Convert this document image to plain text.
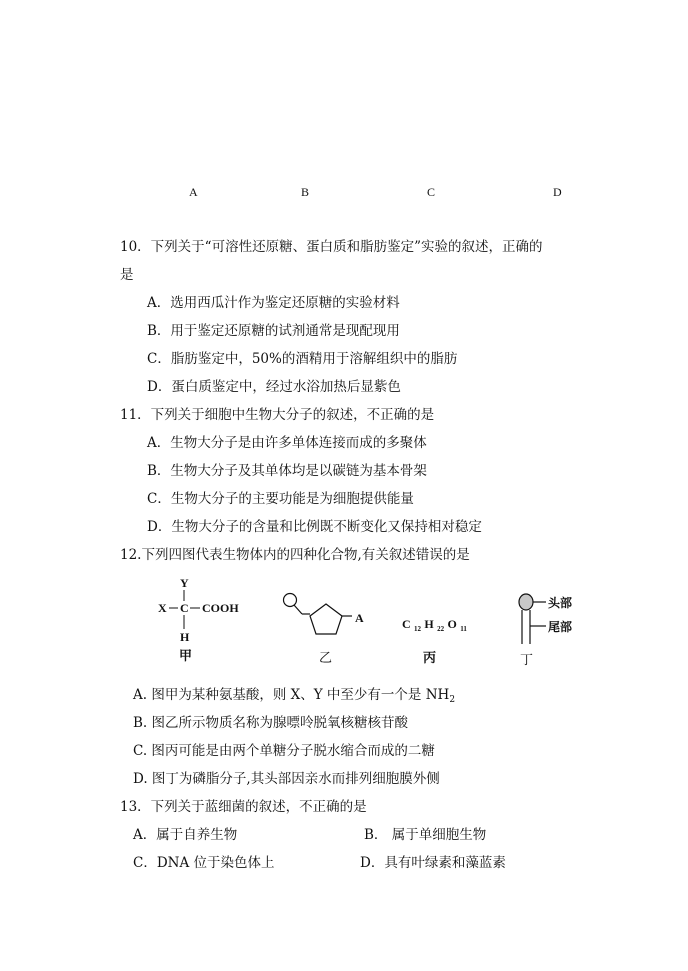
A	B	C	D
10．下列关于“可溶性还原糖、蛋白质和脂肪鉴定”实验的叙述，正确的
是
A．选用西瓜汁作为鉴定还原糖的实验材料
B．用于鉴定还原糖的试剂通常是现配现用
C．脂肪鉴定中，50%的酒精用于溶解组织中的脂肪
D．蛋白质鉴定中，经过水浴加热后显紫色
11．下列关于细胞中生物大分子的叙述，不正确的是
A．生物大分子是由许多单体连接而成的多聚体
B．生物大分子及其单体均是以碳链为基本骨架
C．生物大分子的主要功能是为细胞提供能量
D．生物大分子的含量和比例既不断变化又保持相对稳定
12.下列四图代表生物体内的四种化合物,有关叙述错误的是
Y
X C COOH
H
甲
A
乙
C $_{12}$ H $_{22}$ O $_{11}$
丙
头部
尾部
丁
A. 图甲为某种氨基酸，则 X、Y 中至少有一个是 $NH_2$
B. 图乙所示物质名称为腺嘌呤脱氧核糖核苷酸
C. 图丙可能是由两个单糖分子脱水缩合而成的二糖
D. 图丁为磷脂分子,其头部因亲水而排列细胞膜外侧
13．下列关于蓝细菌的叙述，不正确的是
A．属于自养生物	B． 属于单细胞生物
C．DNA 位于染色体上	D．具有叶绿素和藻蓝素
